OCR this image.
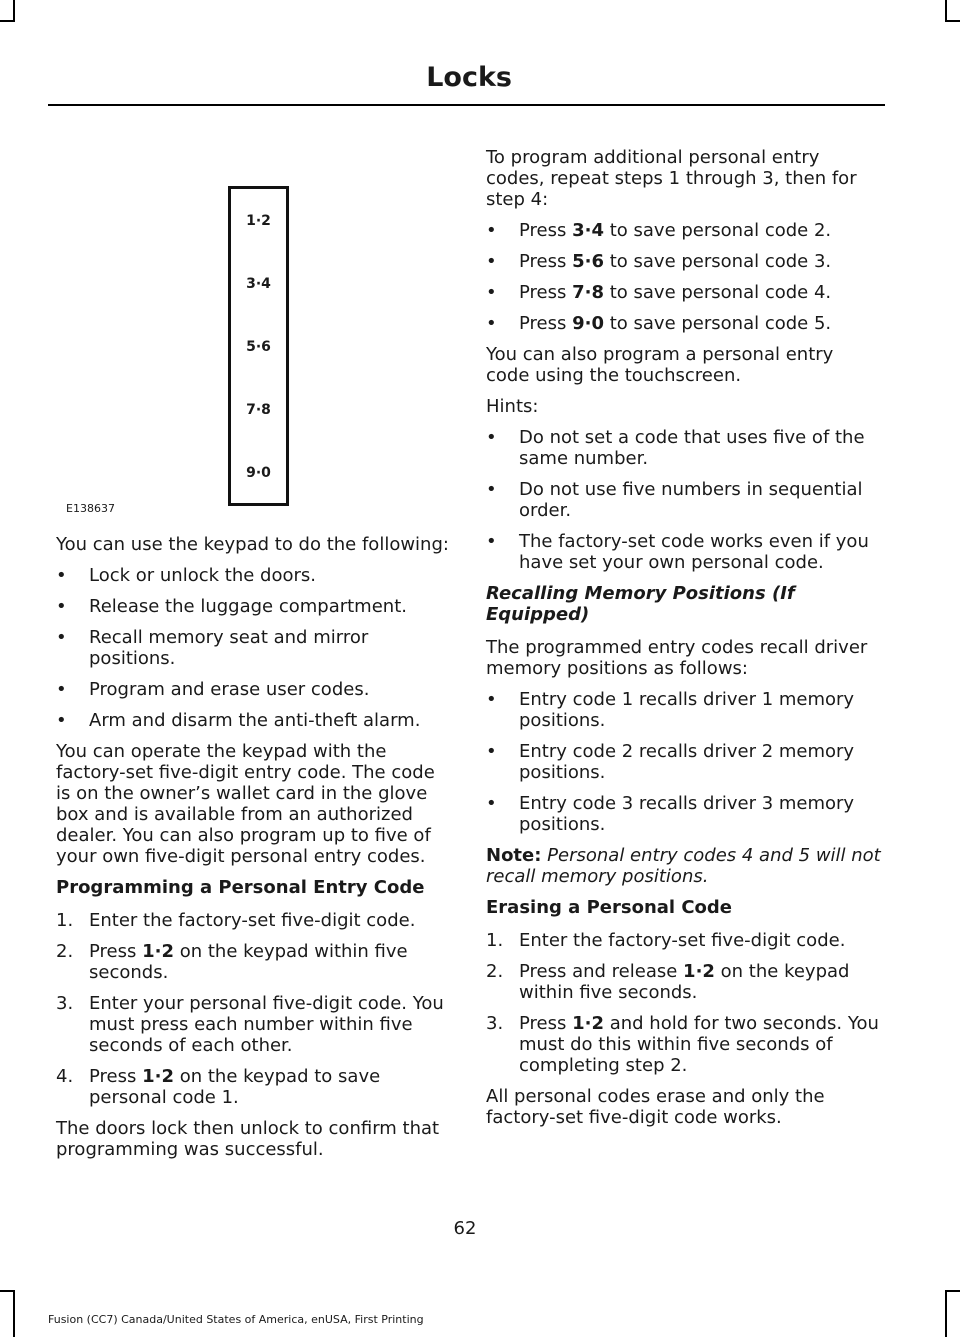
Locks
1·2
3·4
5·6
7·8
9·0
E138637

You can use the keypad to do the following:

• Lock or unlock the doors.
• Release the luggage compartment.
• Recall memory seat and mirror positions.
• Program and erase user codes.
• Arm and disarm the anti-theft alarm.

You can operate the keypad with the factory-set five-digit entry code. The code is on the owner’s wallet card in the glove box and is available from an authorized dealer. You can also program up to five of your own five-digit personal entry codes.

Programming a Personal Entry Code
1. Enter the factory-set five-digit code.
2. Press 1·2 on the keypad within five seconds.
3. Enter your personal five-digit code. You must press each number within five seconds of each other.
4. Press 1·2 on the keypad to save personal code 1.

The doors lock then unlock to confirm that programming was successful.

To program additional personal entry codes, repeat steps 1 through 3, then for step 4:

• Press 3·4 to save personal code 2.
• Press 5·6 to save personal code 3.
• Press 7·8 to save personal code 4.
• Press 9·0 to save personal code 5.

You can also program a personal entry code using the touchscreen.

Hints:

• Do not set a code that uses five of the same number.
• Do not use five numbers in sequential order.
• The factory-set code works even if you have set your own personal code.
Recalling Memory Positions (If Equipped)

The programmed entry codes recall driver memory positions as follows:

• Entry code 1 recalls driver 1 memory positions.
• Entry code 2 recalls driver 2 memory positions.
• Entry code 3 recalls driver 3 memory positions.

Note: Personal entry codes 4 and 5 will not recall memory positions.

Erasing a Personal Code
1. Enter the factory-set five-digit code.
2. Press and release 1·2 on the keypad within five seconds.
3. Press 1·2 and hold for two seconds. You must do this within five seconds of completing step 2.

All personal codes erase and only the factory-set five-digit code works.

62
Fusion (CC7) Canada/United States of America, enUSA, First Printing
